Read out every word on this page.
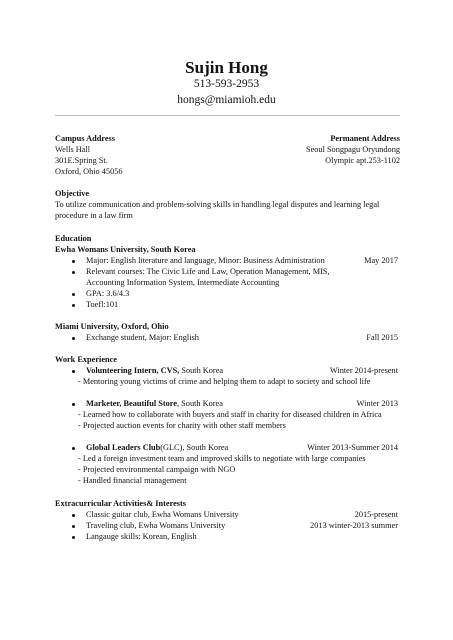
Sujin Hong
513-593-2953
hongs@miamioh.edu
Campus Address
Wells Hall
301E.Spring St.
Oxford, Ohio 45056
Permanent Address
Seoul Songpagu Oryundong
Olympic apt.253-1102
Objective
To utilize communication and problem-solving skills in handling legal disputes and learning legal
procedure in a law firm
Education
Ewha Womans University, South Korea
Major: English literature and language, Minor: Business Administration	May 2017
Relevant courses: The Civic Life and Law, Operation Management, MIS,
Accounting Information System, Intermediate Accounting
GPA: 3.6/4.3
Toefl:101
Miami University, Oxford, Ohio
Exchange student, Major: English	Fall 2015
Work Experience
Volunteering Intern, CVS, South Korea	Winter 2014-present
- Mentoring young victims of crime and helping them to adapt to society and school life
Marketer, Beautiful Store, South Korea	Winter 2013
- Learned how to collaborate with buyers and staff in charity for diseased children in Africa
- Projected auction events for charity with other staff members
Global Leaders Club(GLC), South Korea	Winter 2013-Summer 2014
- Led a foreign investment team and improved skills to negotiate with large companies
- Projected environmental campaign with NGO
- Handled financial management
Extracurricular Activities& Interests
Classic guitar club, Ewha Womans University	2015-present
Traveling club, Ewha Womans University	2013 winter-2013 summer
Langauge skills: Korean, English
